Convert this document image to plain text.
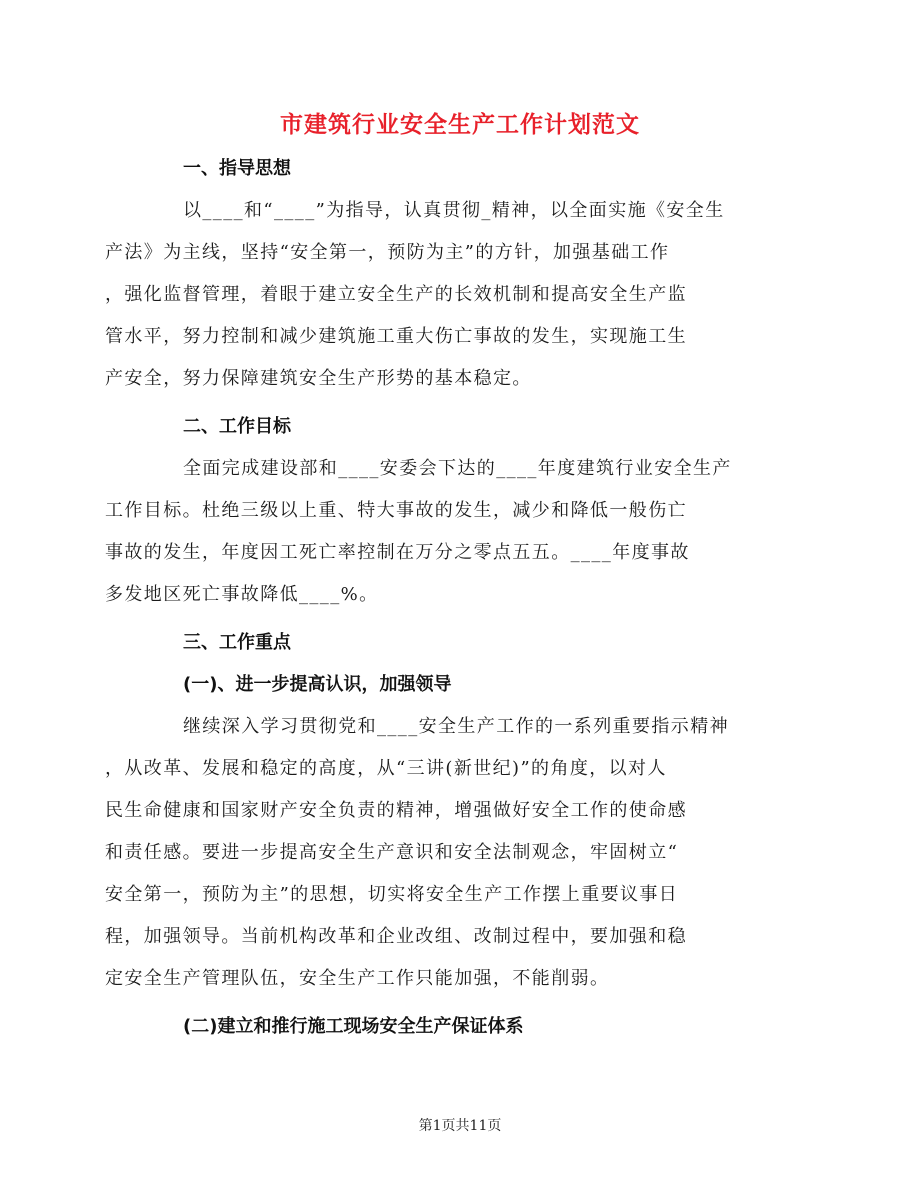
市建筑行业安全生产工作计划范文
一、指导思想
以____和“____”为指导，认真贯彻_精神，以全面实施《安全生
产法》为主线，坚持“安全第一，预防为主”的方针，加强基础工作
，强化监督管理，着眼于建立安全生产的长效机制和提高安全生产监
管水平，努力控制和减少建筑施工重大伤亡事故的发生，实现施工生
产安全，努力保障建筑安全生产形势的基本稳定。
二、工作目标
全面完成建设部和____安委会下达的____年度建筑行业安全生产
工作目标。杜绝三级以上重、特大事故的发生，减少和降低一般伤亡
事故的发生，年度因工死亡率控制在万分之零点五五。____年度事故
多发地区死亡事故降低____%。
三、工作重点
(一)、进一步提高认识，加强领导
继续深入学习贯彻党和____安全生产工作的一系列重要指示精神
，从改革、发展和稳定的高度，从“三讲(新世纪)”的角度，以对人
民生命健康和国家财产安全负责的精神，增强做好安全工作的使命感
和责任感。要进一步提高安全生产意识和安全法制观念，牢固树立“
安全第一，预防为主”的思想，切实将安全生产工作摆上重要议事日
程，加强领导。当前机构改革和企业改组、改制过程中，要加强和稳
定安全生产管理队伍，安全生产工作只能加强，不能削弱。
(二)建立和推行施工现场安全生产保证体系
第1页共11页
